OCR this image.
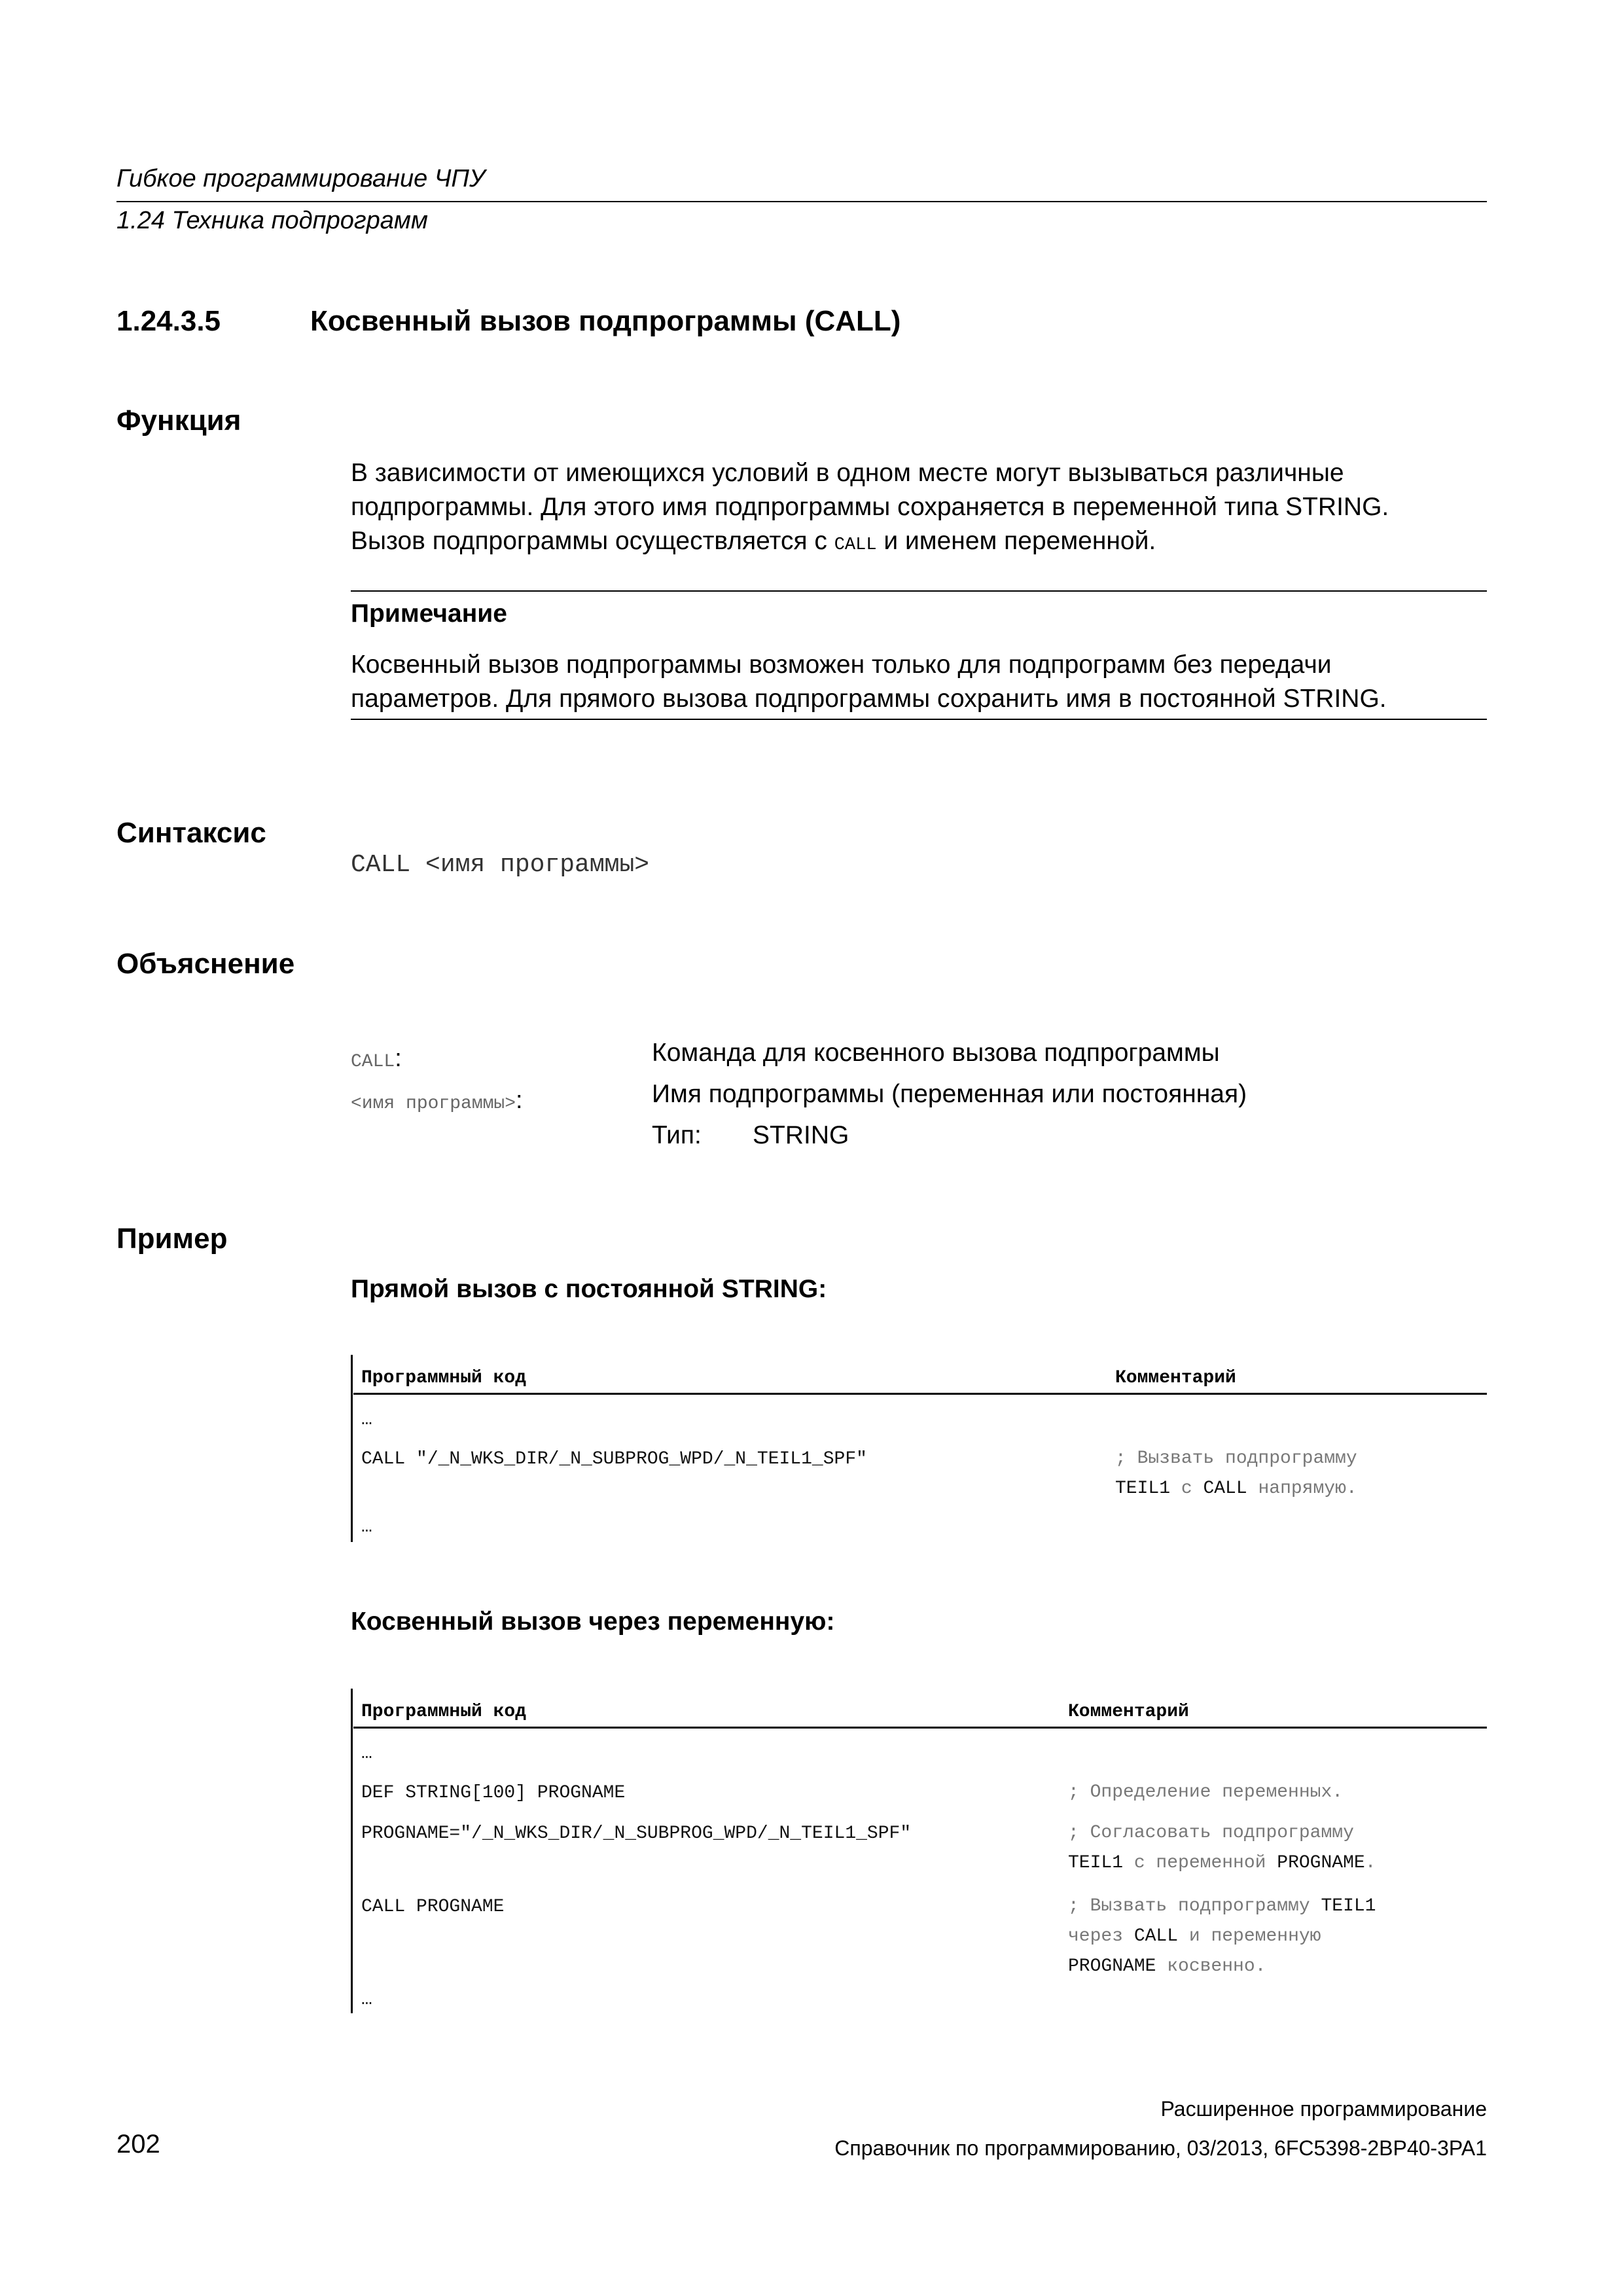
Гибкое программирование ЧПУ
1.24 Техника подпрограмм
1.24.3.5	Косвенный вызов подпрограммы (CALL)
Функция
В зависимости от имеющихся условий в одном месте могут вызываться различные
подпрограммы. Для этого имя подпрограммы сохраняется в переменной типа STRING.
Вызов подпрограммы осуществляется с CALL и именем переменной.
Примечание
Косвенный вызов подпрограммы возможен только для подпрограмм без передачи
параметров. Для прямого вызова подпрограммы сохранить имя в постоянной STRING.
Синтаксис
CALL <имя программы>
Объяснение
CALL:	Команда для косвенного вызова подпрограммы
<имя программы>:	Имя подпрограммы (переменная или постоянная)
Тип: STRING
Пример
Прямой вызов с постоянной STRING:
Программный код	Комментарий
…
CALL "/_N_WKS_DIR/_N_SUBPROG_WPD/_N_TEIL1_SPF"	; Вызвать подпрограмму
TEIL1 с CALL напрямую.
…
Косвенный вызов через переменную:
Программный код	Комментарий
…
DEF STRING[100] PROGNAME	; Определение переменных.
PROGNAME="/_N_WKS_DIR/_N_SUBPROG_WPD/_N_TEIL1_SPF"	; Согласовать подпрограмму
TEIL1 с переменной PROGNAME.
CALL PROGNAME	; Вызвать подпрограмму TEIL1
через CALL и переменную
PROGNAME косвенно.
…
Расширенное программирование
Справочник по программированию, 03/2013, 6FC5398-2BP40-3PA1
202
